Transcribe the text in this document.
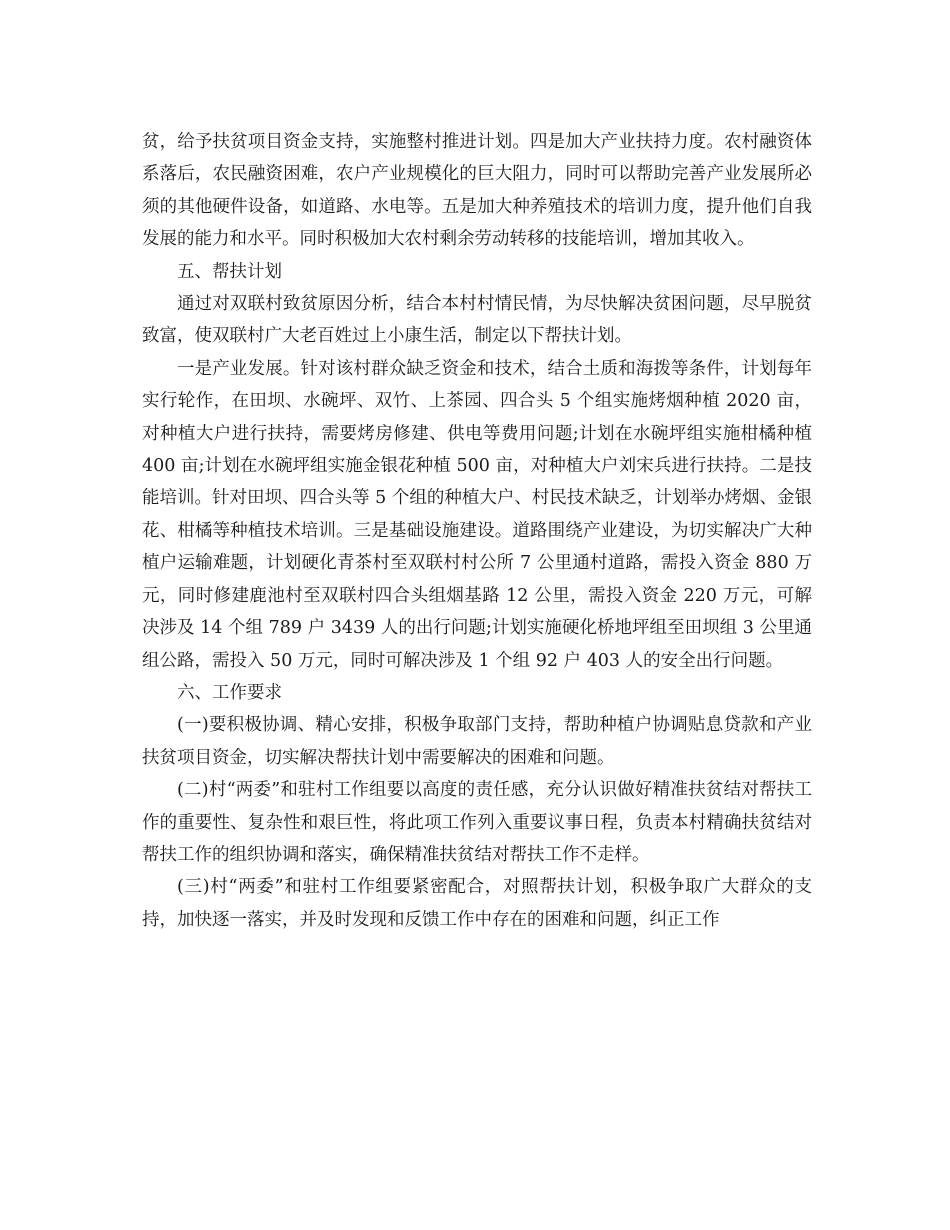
贫，给予扶贫项目资金支持，实施整村推进计划。四是加大产业扶持力度。农村融资体系落后，农民融资困难，农户产业规模化的巨大阻力，同时可以帮助完善产业发展所必须的其他硬件设备，如道路、水电等。五是加大种养殖技术的培训力度，提升他们自我发展的能力和水平。同时积极加大农村剩余劳动转移的技能培训，增加其收入。

五、帮扶计划

通过对双联村致贫原因分析，结合本村村情民情，为尽快解决贫困问题，尽早脱贫致富，使双联村广大老百姓过上小康生活，制定以下帮扶计划。

一是产业发展。针对该村群众缺乏资金和技术，结合土质和海拨等条件，计划每年实行轮作，在田坝、水碗坪、双竹、上茶园、四合头 5 个组实施烤烟种植 2020 亩，对种植大户进行扶持，需要烤房修建、供电等费用问题;计划在水碗坪组实施柑橘种植 400 亩;计划在水碗坪组实施金银花种植 500 亩，对种植大户刘宋兵进行扶持。二是技能培训。针对田坝、四合头等 5 个组的种植大户、村民技术缺乏，计划举办烤烟、金银花、柑橘等种植技术培训。三是基础设施建设。道路围绕产业建设，为切实解决广大种植户运输难题，计划硬化青茶村至双联村村公所 7 公里通村道路，需投入资金 880 万元，同时修建鹿池村至双联村四合头组烟基路 12 公里，需投入资金 220 万元，可解决涉及 14 个组 789 户 3439 人的出行问题;计划实施硬化桥地坪组至田坝组 3 公里通组公路，需投入 50 万元，同时可解决涉及 1 个组 92 户 403 人的安全出行问题。

六、工作要求

(一)要积极协调、精心安排，积极争取部门支持，帮助种植户协调贴息贷款和产业扶贫项目资金，切实解决帮扶计划中需要解决的困难和问题。

(二)村“两委”和驻村工作组要以高度的责任感，充分认识做好精准扶贫结对帮扶工作的重要性、复杂性和艰巨性，将此项工作列入重要议事日程，负责本村精确扶贫结对帮扶工作的组织协调和落实，确保精准扶贫结对帮扶工作不走样。

(三)村“两委”和驻村工作组要紧密配合，对照帮扶计划，积极争取广大群众的支持，加快逐一落实，并及时发现和反馈工作中存在的困难和问题，纠正工作
